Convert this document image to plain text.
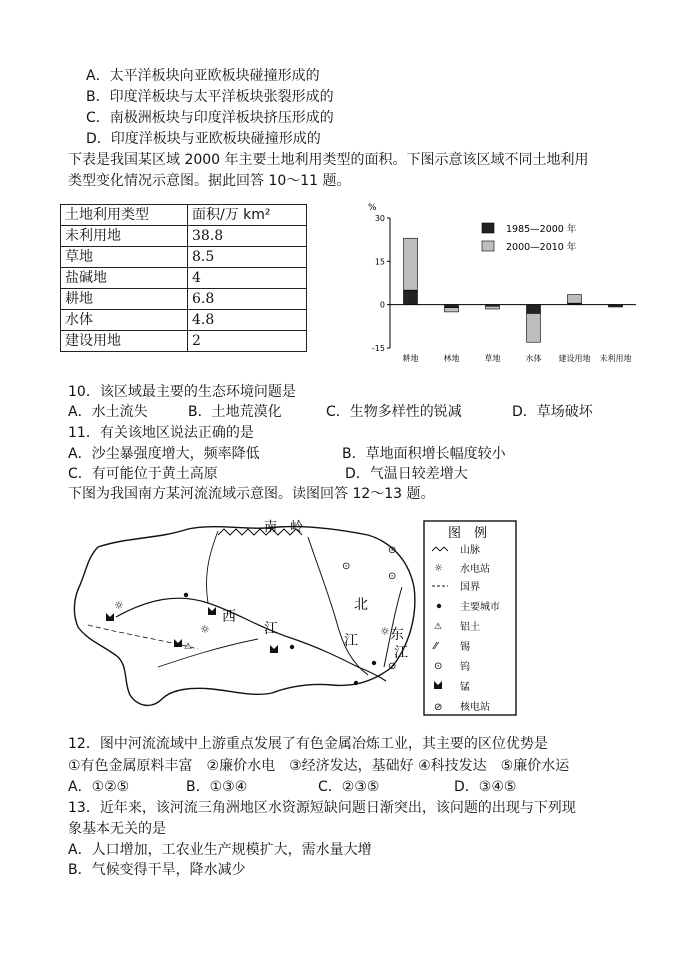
A．太平洋板块向亚欧板块碰撞形成的
B．印度洋板块与太平洋板块张裂形成的
C．南极洲板块与印度洋板块挤压形成的
D．印度洋板块与亚欧板块碰撞形成的
下表是我国某区域 2000 年主要土地利用类型的面积。下图示意该区域不同土地利用
类型变化情况示意图。据此回答 10～11 题。
土地利用类型	面积/万 km²
未利用地	38.8
草地	8.5
盐碱地	4
耕地	6.8
水体	4.8
建设用地	2
%
30
15
0
-15
耕地	林地	草地	水体 建设用地 未利用地
1985—2000 年
2000—2010 年
10．该区域最主要的生态环境问题是
A．水土流失	B．土地荒漠化	C．生物多样性的锐减	D．草场破坏
11．有关该地区说法正确的是
A．沙尘暴强度增大，频率降低	B．草地面积增长幅度较小
C．有可能位于黄土高原	D．气温日较差增大
下图为我国南方某河流流域示意图。读图回答 12～13 题。
南　岭
西
江
北
江 东
江
☼
☼	☼
⚠
⊙
⊙
⊙
⊘
图　例
☼
⚠
⁄⁄
⊙
⊘
山脉
水电站
国界
主要城市
铝土
锡
钨
锰
核电站
12．图中河流流域中上游重点发展了有色金属冶炼工业，其主要的区位优势是
①有色金属原料丰富　②廉价水电　③经济发达，基础好 ④科技发达　⑤廉价水运
A．①②⑤	B．①③④	C．②③⑤	D．③④⑤
13．近年来，该河流三角洲地区水资源短缺问题日渐突出，该问题的出现与下列现
象基本无关的是
A．人口增加，工农业生产规模扩大，需水量大增
B．气候变得干旱，降水减少
